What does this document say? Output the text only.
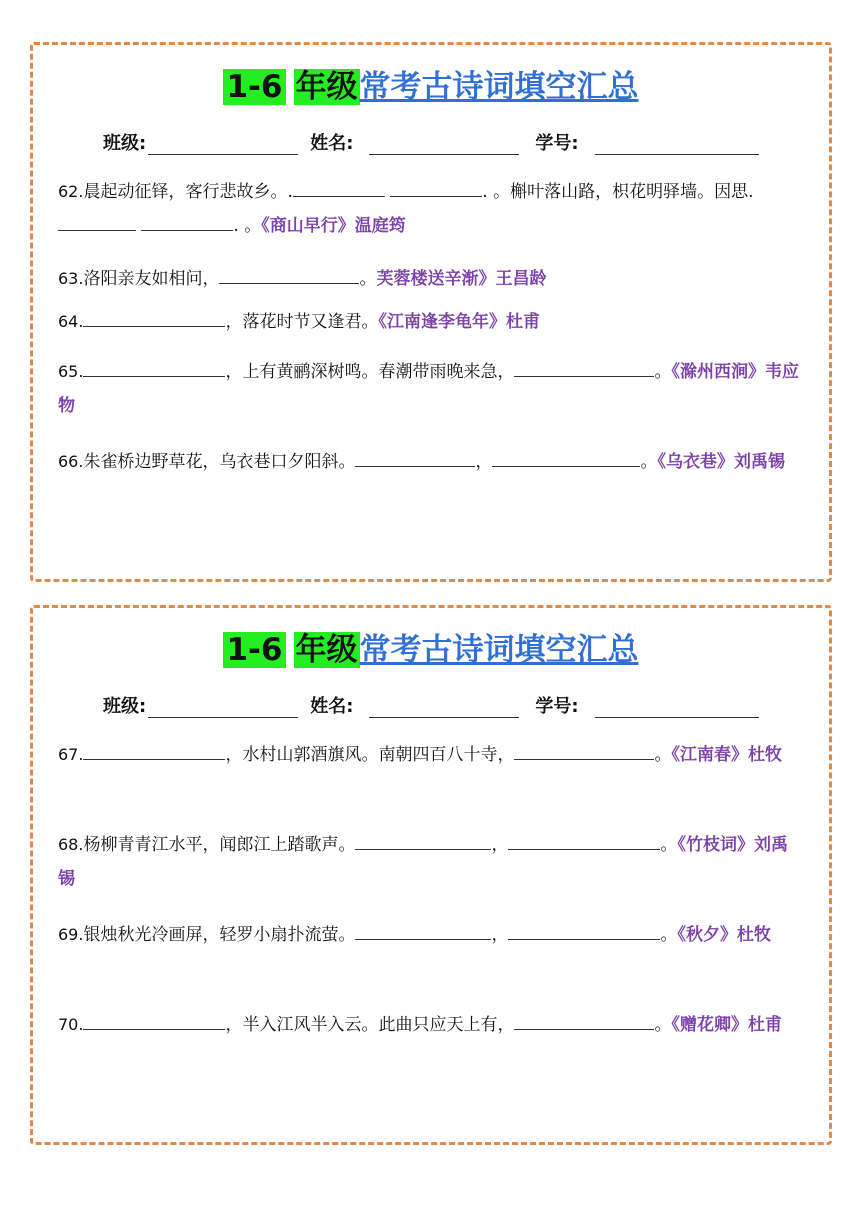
1-6 年级常考古诗词填空汇总
班级:	姓名:	学号:
62.晨起动征铎，客行悲故乡。.	. 。槲叶落山路，枳花明驿墙。因思. . 。《商山早行》温庭筠
63.洛阳亲友如相问，	。芙蓉楼送辛渐》王昌龄
64.	，落花时节又逢君。《江南逢李龟年》杜甫
65.	，上有黄鹂深树鸣。春潮带雨晚来急，	。《滁州西涧》韦应物
66.朱雀桥边野草花，乌衣巷口夕阳斜。	，	。《乌衣巷》刘禹锡
1-6 年级常考古诗词填空汇总
班级:	姓名:	学号:
67.	，水村山郭酒旗风。南朝四百八十寺，	。《江南春》杜牧
68.杨柳青青江水平，闻郎江上踏歌声。	，	。《竹枝词》刘禹锡
69.银烛秋光冷画屏，轻罗小扇扑流萤。	，	。《秋夕》杜牧
70.	，半入江风半入云。此曲只应天上有，	。《赠花卿》杜甫
